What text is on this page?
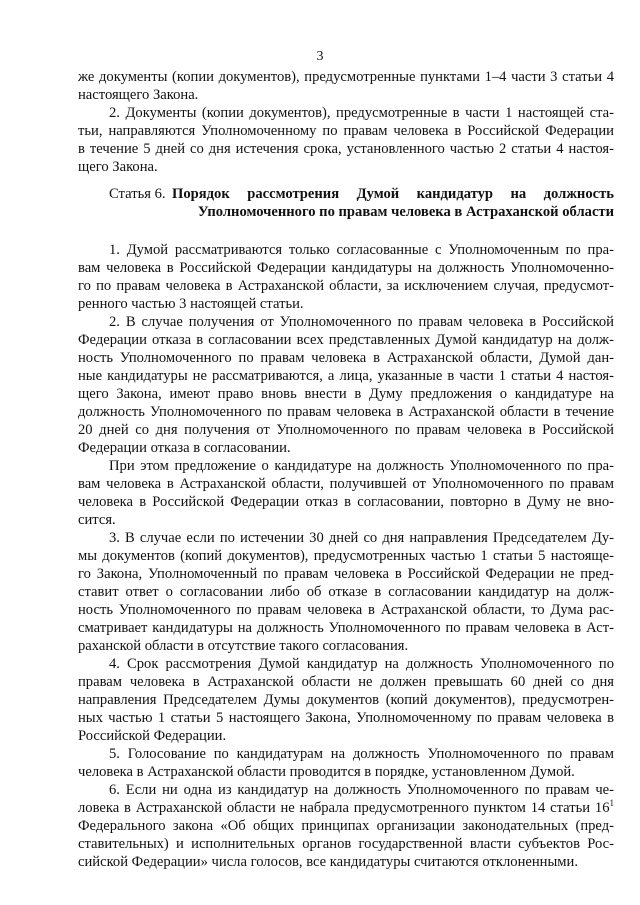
3
же документы (копии документов), предусмотренные пунктами 1–4 части 3 статьи 4
настоящего Закона.
2. Документы (копии документов), предусмотренные в части 1 настоящей ста-
тьи, направляются Уполномоченному по правам человека в Российской Федерации
в течение 5 дней со дня истечения срока, установленного частью 2 статьи 4 настоя-
щего Закона.
Статья 6. Порядок рассмотрения Думой кандидатур на должность
Уполномоченного по правам человека в Астраханской области
1. Думой рассматриваются только согласованные с Уполномоченным по пра-
вам человека в Российской Федерации кандидатуры на должность Уполномоченно-
го по правам человека в Астраханской области, за исключением случая, предусмот-
ренного частью 3 настоящей статьи.
2. В случае получения от Уполномоченного по правам человека в Российской
Федерации отказа в согласовании всех представленных Думой кандидатур на долж-
ность Уполномоченного по правам человека в Астраханской области, Думой дан-
ные кандидатуры не рассматриваются, а лица, указанные в части 1 статьи 4 настоя-
щего Закона, имеют право вновь внести в Думу предложения о кандидатуре на
должность Уполномоченного по правам человека в Астраханской области в течение
20 дней со дня получения от Уполномоченного по правам человека в Российской
Федерации отказа в согласовании.
При этом предложение о кандидатуре на должность Уполномоченного по пра-
вам человека в Астраханской области, получившей от Уполномоченного по правам
человека в Российской Федерации отказ в согласовании, повторно в Думу не вно-
сится.
3. В случае если по истечении 30 дней со дня направления Председателем Ду-
мы документов (копий документов), предусмотренных частью 1 статьи 5 настояще-
го Закона, Уполномоченный по правам человека в Российской Федерации не пред-
ставит ответ о согласовании либо об отказе в согласовании кандидатур на долж-
ность Уполномоченного по правам человека в Астраханской области, то Дума рас-
сматривает кандидатуры на должность Уполномоченного по правам человека в Аст-
раханской области в отсутствие такого согласования.
4. Срок рассмотрения Думой кандидатур на должность Уполномоченного по
правам человека в Астраханской области не должен превышать 60 дней со дня
направления Председателем Думы документов (копий документов), предусмотрен-
ных частью 1 статьи 5 настоящего Закона, Уполномоченному по правам человека в
Российской Федерации.
5. Голосование по кандидатурам на должность Уполномоченного по правам
человека в Астраханской области проводится в порядке, установленном Думой.
6. Если ни одна из кандидатур на должность Уполномоченного по правам че-
ловека в Астраханской области не набрала предусмотренного пунктом 14 статьи $16^1$
Федерального закона «Об общих принципах организации законодательных (пред-
ставительных) и исполнительных органов государственной власти субъектов Рос-
сийской Федерации» числа голосов, все кандидатуры считаются отклоненными.
